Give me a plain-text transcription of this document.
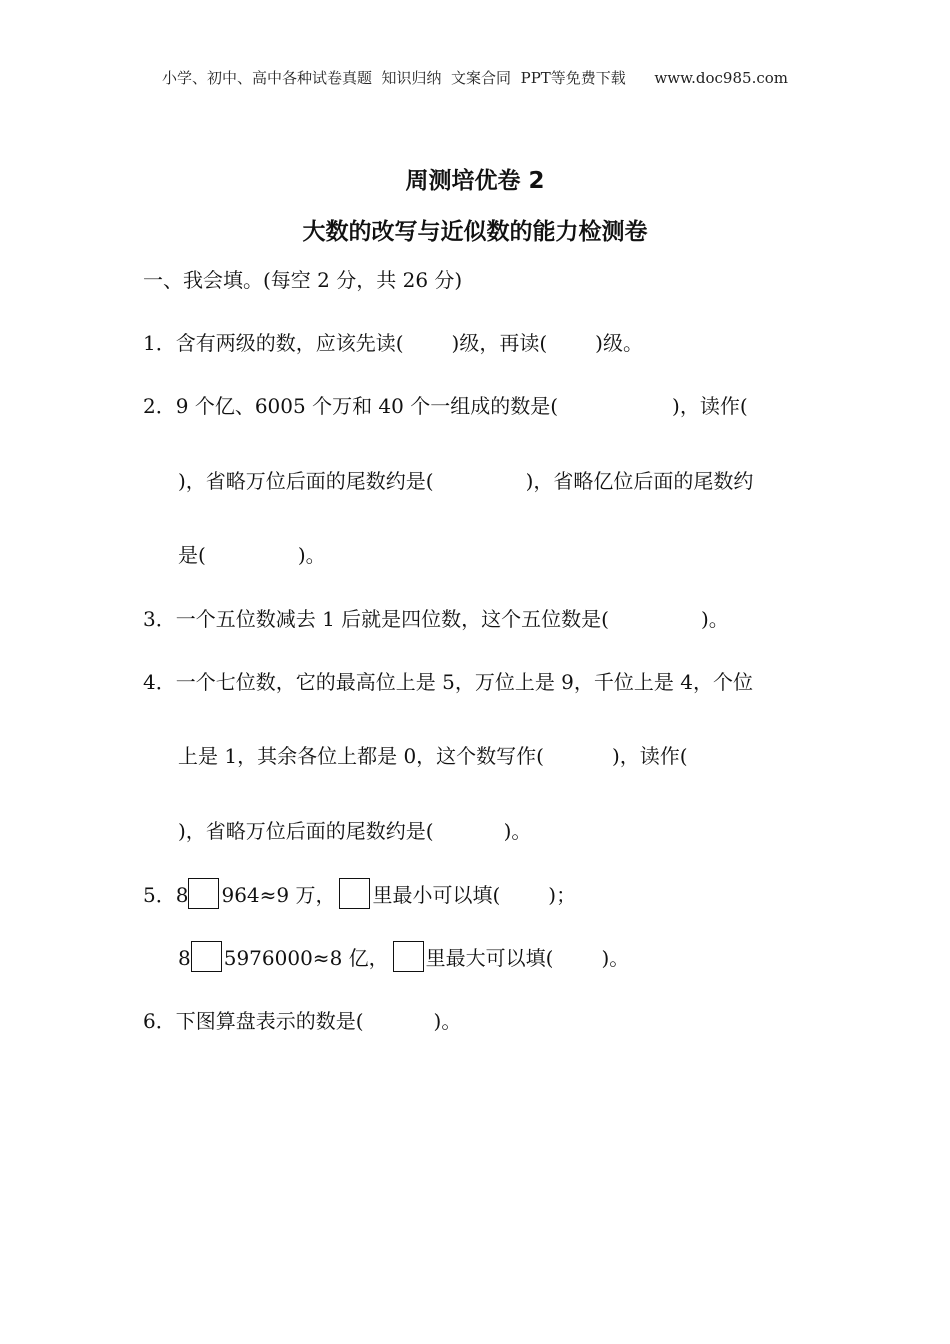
小学、初中、高中各种试卷真题  知识归纳  文案合同  PPT等免费下载      www.doc985.com
周测培优卷 2
大数的改写与近似数的能力检测卷
一、我会填。(每空 2 分，共 26 分)
1．含有两级的数，应该先读( )级，再读( )级。
2．9 个亿、6005 个万和 40 个一组成的数是(	)，读作(
)，省略万位后面的尾数约是(	)，省略亿位后面的尾数约
是(	)。
3．一个五位数减去 1 后就是四位数，这个五位数是(	)。
4．一个七位数，它的最高位上是 5，万位上是 9，千位上是 4，个位
上是 1，其余各位上都是 0，这个数写作(	)，读作(
)，省略万位后面的尾数约是(	)。
5．8 964≈9 万， 里最小可以填( )；
8 5976000≈8 亿， 里最大可以填( )。
6．下图算盘表示的数是(	)。
